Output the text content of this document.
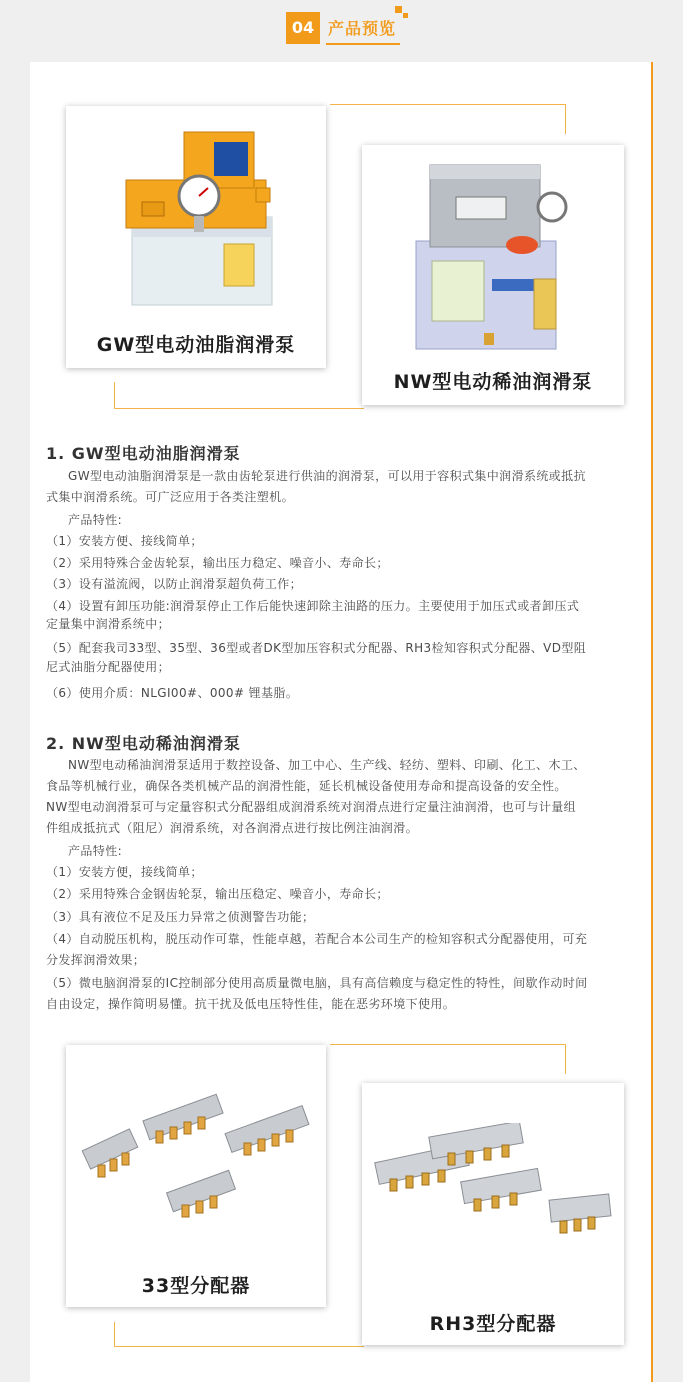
04 产品预览
GW型电动油脂润滑泵
NW型电动稀油润滑泵
1. GW型电动油脂润滑泵
GW型电动油脂润滑泵是一款由齿轮泵进行供油的润滑泵，可以用于容积式集中润滑系统或抵抗
式集中润滑系统。可广泛应用于各类注塑机。
产品特性:
（1）安装方便、接线简单；
（2）采用特殊合金齿轮泵，输出压力稳定、噪音小、寿命长；
（3）设有溢流阀，以防止润滑泵超负荷工作；
（4）设置有卸压功能:润滑泵停止工作后能快速卸除主油路的压力。主要使用于加压式或者卸压式
定量集中润滑系统中；
（5）配套我司33型、35型、36型或者DK型加压容积式分配器、RH3检知容积式分配器、VD型阻
尼式油脂分配器使用；
（6）使用介质：NLGI00#、000# 锂基脂。
2. NW型电动稀油润滑泵
NW型电动稀油润滑泵适用于数控设备、加工中心、生产线、轻纺、塑料、印刷、化工、木工、
食品等机械行业，确保各类机械产品的润滑性能，延长机械设备使用寿命和提高设备的安全性。
NW型电动润滑泵可与定量容积式分配器组成润滑系统对润滑点进行定量注油润滑，也可与计量组
件组成抵抗式（阻尼）润滑系统，对各润滑点进行按比例注油润滑。
产品特性:
（1）安装方便，接线简单；
（2）采用特殊合金钢齿轮泵，输出压稳定、噪音小，寿命长；
（3）具有液位不足及压力异常之侦测警告功能；
（4）自动脱压机构，脱压动作可靠，性能卓越，若配合本公司生产的检知容积式分配器使用，可充
分发挥润滑效果；
（5）微电脑润滑泵的IC控制部分使用高质量微电脑，具有高信赖度与稳定性的特性，间歇作动时间
自由设定，操作简明易懂。抗干扰及低电压特性佳，能在恶劣环境下使用。
33型分配器
RH3型分配器
